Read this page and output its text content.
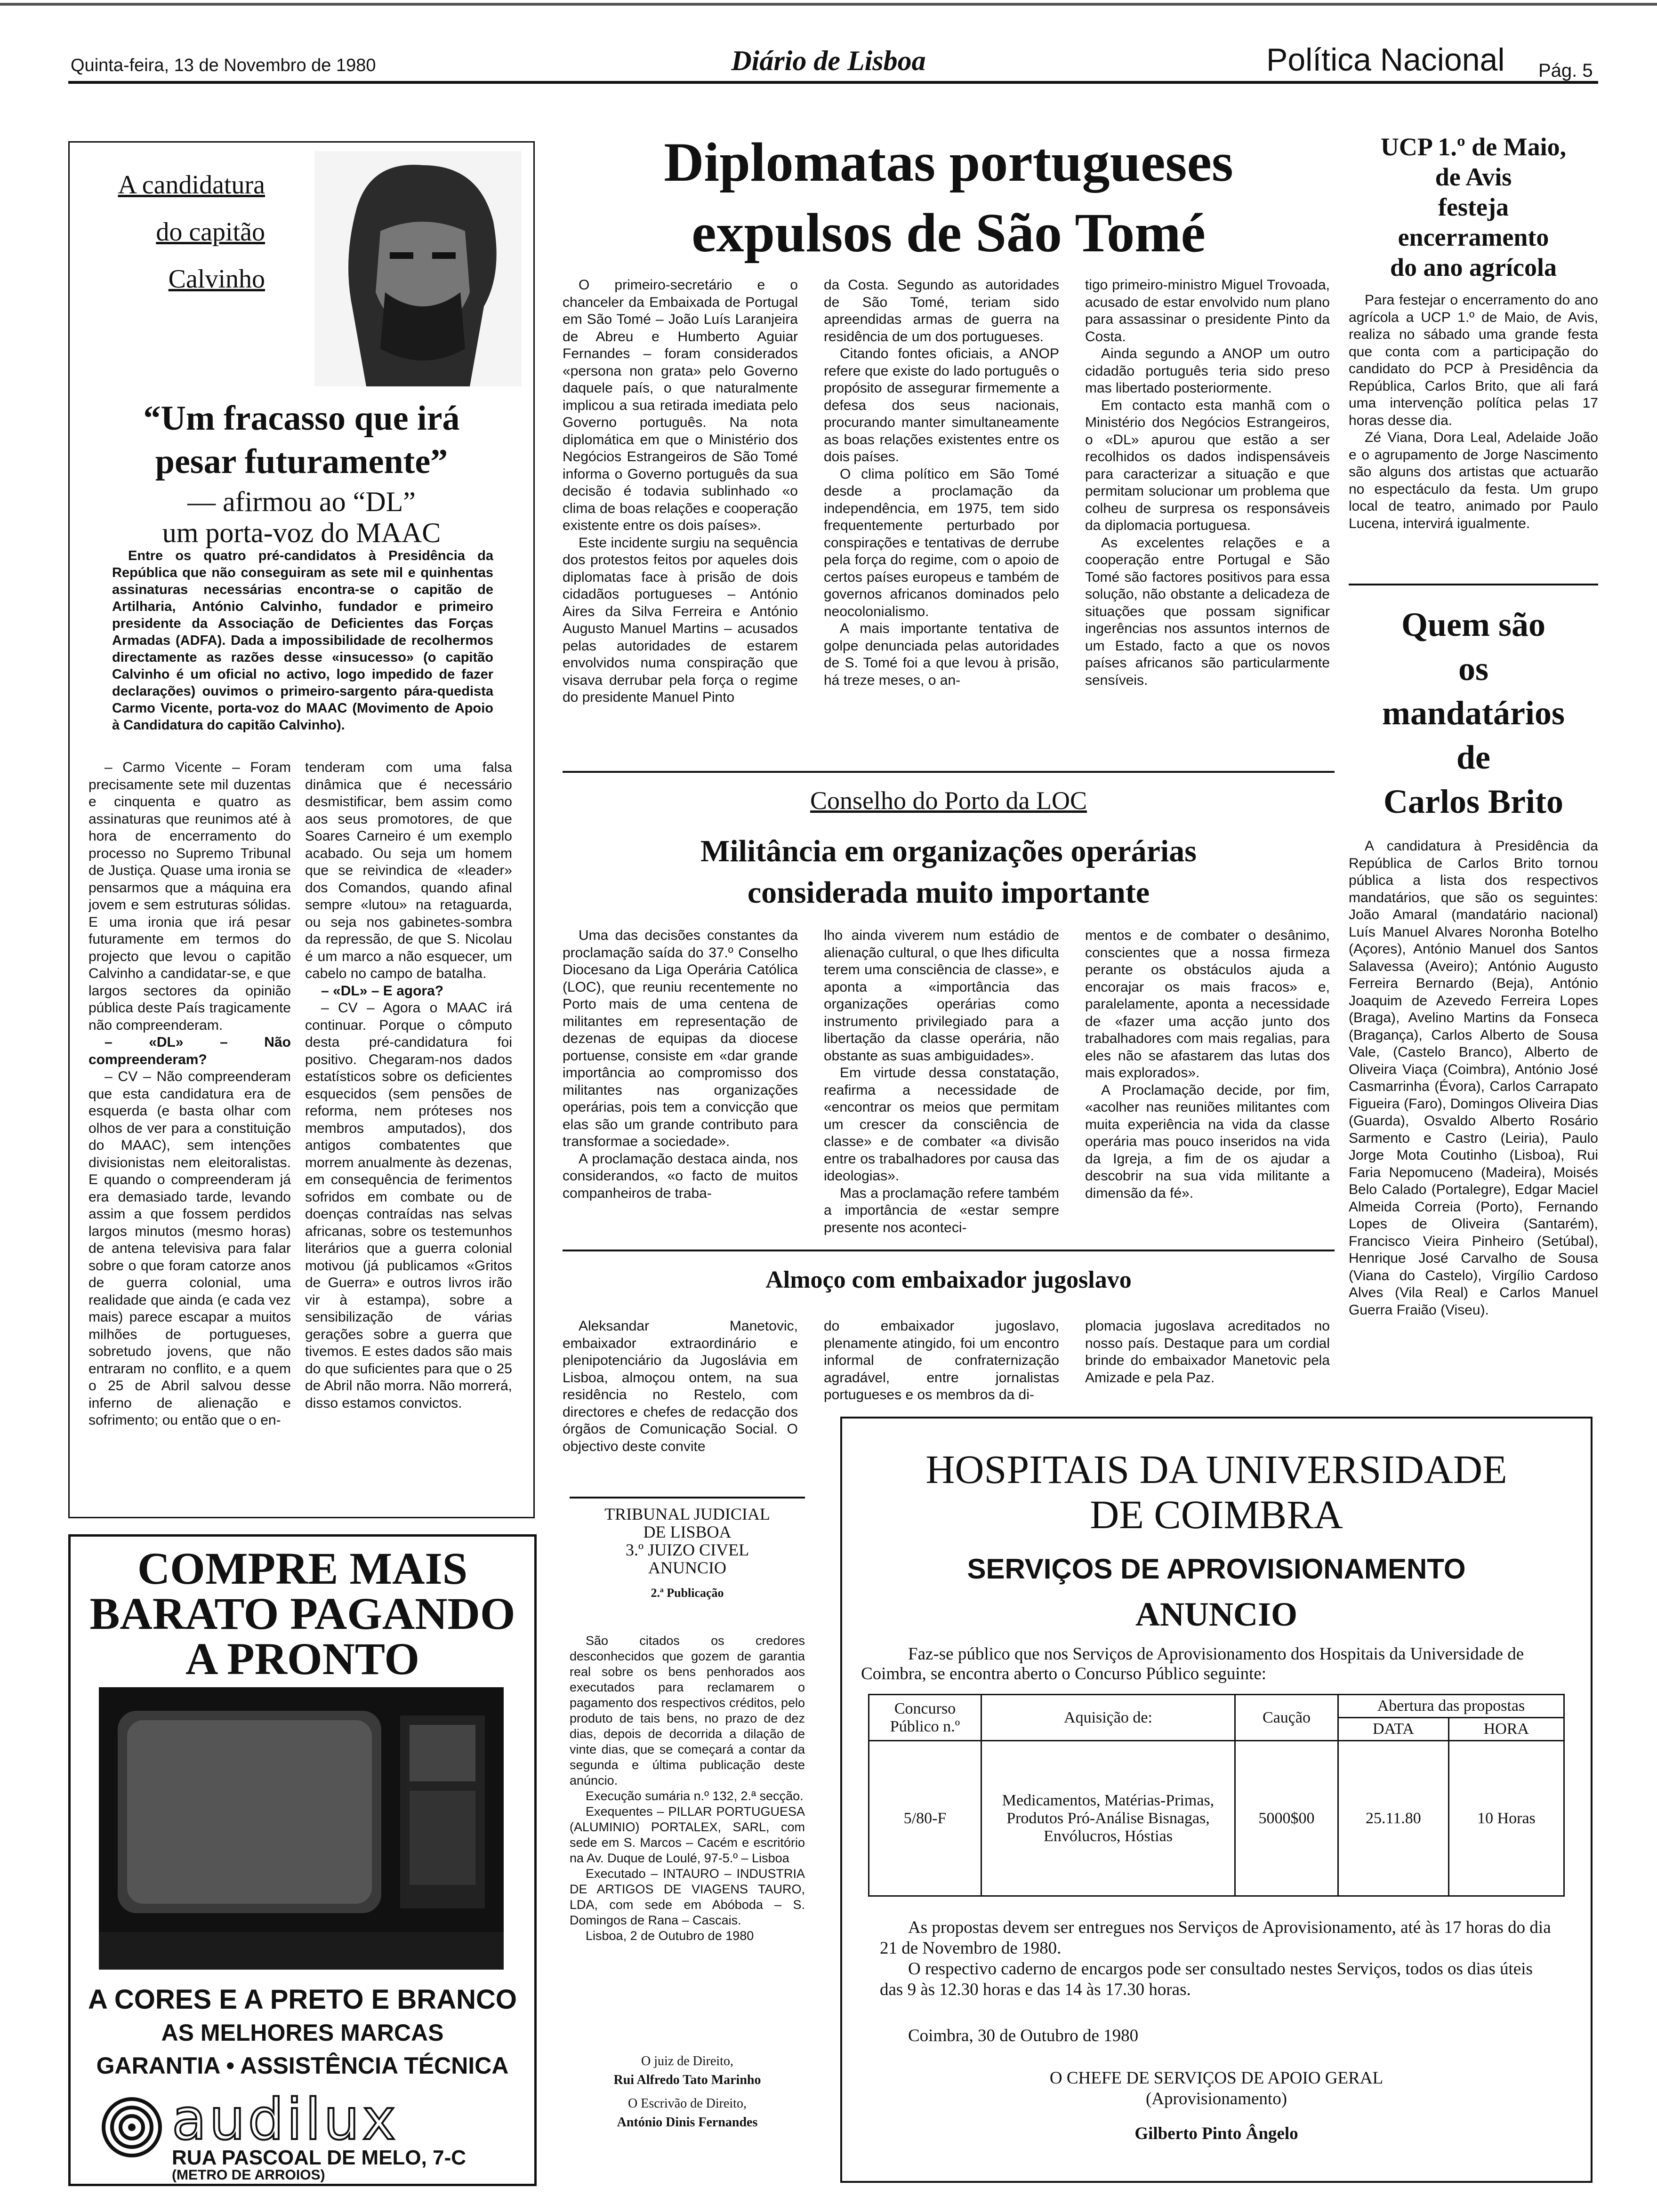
Quinta-feira, 13 de Novembro de 1980	Diário de Lisboa	Política Nacional Pág. 5
A candidatura
do capitão
Calvinho
“Um fracasso que irá
pesar futuramente”
— afirmou ao “DL”
um porta-voz do MAAC

Entre os quatro pré-candidatos à Presidência da República que não conseguiram as sete mil e quinhentas assinaturas necessárias encontra-se o capitão de Artilharia, António Calvinho, fundador e primeiro presidente da Associação de Deficientes das Forças Armadas (ADFA). Dada a impossibilidade de recolhermos directamente as razões desse «insucesso» (o capitão Calvinho é um oficial no activo, logo impedido de fazer declarações) ouvimos o primeiro-sargento pára-quedista Carmo Vicente, porta-voz do MAAC (Movimento de Apoio à Candidatura do capitão Calvinho).

– Carmo Vicente – Foram precisamente sete mil duzentas e cinquenta e quatro as assinaturas que reunimos até à hora de encerramento do processo no Supremo Tribunal de Justiça. Quase uma ironia se pensarmos que a máquina era jovem e sem estruturas sólidas. E uma ironia que irá pesar futuramente em termos do projecto que levou o capitão Calvinho a candidatar-se, e que largos sectores da opinião pública deste País tragicamente não compreenderam.

– «DL» – Não compreenderam?

– CV – Não compreenderam que esta candidatura era de esquerda (e basta olhar com olhos de ver para a constituição do MAAC), sem intenções divisionistas nem eleitoralistas. E quando o compreenderam já era demasiado tarde, levando assim a que fossem perdidos largos minutos (mesmo horas) de antena televisiva para falar sobre o que foram catorze anos de guerra colonial, uma realidade que ainda (e cada vez mais) parece escapar a muitos milhões de portugueses, sobretudo jovens, que não entraram no conflito, e a quem o 25 de Abril salvou desse inferno de alienação e sofrimento; ou então que o en-

tenderam com uma falsa dinâmica que é necessário desmistificar, bem assim como aos seus promotores, de que Soares Carneiro é um exemplo acabado. Ou seja um homem que se reivindica de «leader» dos Comandos, quando afinal sempre «lutou» na retaguarda, ou seja nos gabinetes-sombra da repressão, de que S. Nicolau é um marco a não esquecer, um cabelo no campo de batalha.

– «DL» – E agora?

– CV – Agora o MAAC irá continuar. Porque o cômputo desta pré-candidatura foi positivo. Chegaram-nos dados estatísticos sobre os deficientes esquecidos (sem pensões de reforma, nem próteses nos membros amputados), dos antigos combatentes que morrem anualmente às dezenas, em consequência de ferimentos sofridos em combate ou de doenças contraídas nas selvas africanas, sobre os testemunhos literários que a guerra colonial motivou (já publicamos «Gritos de Guerra» e outros livros irão vir à estampa), sobre a sensibilização de várias gerações sobre a guerra que tivemos. E estes dados são mais do que suficientes para que o 25 de Abril não morra. Não morrerá, disso estamos convictos.

Diplomatas portugueses
expulsos de São Tomé

O primeiro-secretário e o chanceler da Embaixada de Portugal em São Tomé – João Luís Laranjeira de Abreu e Humberto Aguiar Fernandes – foram considerados «persona non grata» pelo Governo daquele país, o que naturalmente implicou a sua retirada imediata pelo Governo português. Na nota diplomática em que o Ministério dos Negócios Estrangeiros de São Tomé informa o Governo português da sua decisão é todavia sublinhado «o clima de boas relações e cooperação existente entre os dois países».

Este incidente surgiu na sequência dos protestos feitos por aqueles dois diplomatas face à prisão de dois cidadãos portugueses – António Aires da Silva Ferreira e António Augusto Manuel Martins – acusados pelas autoridades de estarem envolvidos numa conspiração que visava derrubar pela força o regime do presidente Manuel Pinto

da Costa. Segundo as autoridades de São Tomé, teriam sido apreendidas armas de guerra na residência de um dos portugueses.

Citando fontes oficiais, a ANOP refere que existe do lado português o propósito de assegurar firmemente a defesa dos seus nacionais, procurando manter simultaneamente as boas relações existentes entre os dois países.

O clima político em São Tomé desde a proclamação da independência, em 1975, tem sido frequentemente perturbado por conspirações e tentativas de derrube pela força do regime, com o apoio de certos países europeus e também de governos africanos dominados pelo neocolonialismo.

A mais importante tentativa de golpe denunciada pelas autoridades de S. Tomé foi a que levou à prisão, há treze meses, o an-

tigo primeiro-ministro Miguel Trovoada, acusado de estar envolvido num plano para assassinar o presidente Pinto da Costa.

Ainda segundo a ANOP um outro cidadão português teria sido preso mas libertado posteriormente.

Em contacto esta manhã com o Ministério dos Negócios Estrangeiros, o «DL» apurou que estão a ser recolhidos os dados indispensáveis para caracterizar a situação e que permitam solucionar um problema que colheu de surpresa os responsáveis da diplomacia portuguesa.

As excelentes relações e a cooperação entre Portugal e São Tomé são factores positivos para essa solução, não obstante a delicadeza de situações que possam significar ingerências nos assuntos internos de um Estado, facto a que os novos países africanos são particularmente sensíveis.

Conselho do Porto da LOC
Militância em organizações operárias
considerada muito importante

Uma das decisões constantes da proclamação saída do 37.º Conselho Diocesano da Liga Operária Católica (LOC), que reuniu recentemente no Porto mais de uma centena de militantes em representação de dezenas de equipas da diocese portuense, consiste em «dar grande importância ao compromisso dos militantes nas organizações operárias, pois tem a convicção que elas são um grande contributo para transformae a sociedade».

A proclamação destaca ainda, nos considerandos, «o facto de muitos companheiros de traba-

lho ainda viverem num estádio de alienação cultural, o que lhes dificulta terem uma consciência de classe», e aponta a «importância das organizações operárias como instrumento privilegiado para a libertação da classe operária, não obstante as suas ambiguidades».

Em virtude dessa constatação, reafirma a necessidade de «encontrar os meios que permitam um crescer da consciência de classe» e de combater «a divisão entre os trabalhadores por causa das ideologias».

Mas a proclamação refere também a importância de «estar sempre presente nos aconteci-

mentos e de combater o desânimo, conscientes que a nossa firmeza perante os obstáculos ajuda a encorajar os mais fracos» e, paralelamente, aponta a necessidade de «fazer uma acção junto dos trabalhadores com mais regalias, para eles não se afastarem das lutas dos mais explorados».

A Proclamação decide, por fim, «acolher nas reuniões militantes com muita experiência na vida da classe operária mas pouco inseridos na vida da Igreja, a fim de os ajudar a descobrir na sua vida militante a dimensão da fé».

Almoço com embaixador jugoslavo

Aleksandar Manetovic, embaixador extraordinário e plenipotenciário da Jugoslávia em Lisboa, almoçou ontem, na sua residência no Restelo, com directores e chefes de redacção dos órgãos de Comunicação Social. O objectivo deste convite

do embaixador jugoslavo, plenamente atingido, foi um encontro informal de confraternização agradável, entre jornalistas portugueses e os membros da di-

plomacia jugoslava acreditados no nosso país. Destaque para um cordial brinde do embaixador Manetovic pela Amizade e pela Paz.

UCP 1.º de Maio,
de Avis
festeja
encerramento
do ano agrícola

Para festejar o encerramento do ano agrícola a UCP 1.º de Maio, de Avis, realiza no sábado uma grande festa que conta com a participação do candidato do PCP à Presidência da República, Carlos Brito, que ali fará uma intervenção política pelas 17 horas desse dia.

Zé Viana, Dora Leal, Adelaide João e o agrupamento de Jorge Nascimento são alguns dos artistas que actuarão no espectáculo da festa. Um grupo local de teatro, animado por Paulo Lucena, intervirá igualmente.

Quem são
os
mandatários
de
Carlos Brito

A candidatura à Presidência da República de Carlos Brito tornou pública a lista dos respectivos mandatários, que são os seguintes: João Amaral (mandatário nacional) Luís Manuel Alvares Noronha Botelho (Açores), António Manuel dos Santos Salavessa (Aveiro); António Augusto Ferreira Bernardo (Beja), António Joaquim de Azevedo Ferreira Lopes (Braga), Avelino Martins da Fonseca (Bragança), Carlos Alberto de Sousa Vale, (Castelo Branco), Alberto de Oliveira Viaça (Coimbra), António José Casmarrinha (Évora), Carlos Carrapato Figueira (Faro), Domingos Oliveira Dias (Guarda), Osvaldo Alberto Rosário Sarmento e Castro (Leiria), Paulo Jorge Mota Coutinho (Lisboa), Rui Faria Nepomuceno (Madeira), Moisés Belo Calado (Portalegre), Edgar Maciel Almeida Correia (Porto), Fernando Lopes de Oliveira (Santarém), Francisco Vieira Pinheiro (Setúbal), Henrique José Carvalho de Sousa (Viana do Castelo), Virgílio Cardoso Alves (Vila Real) e Carlos Manuel Guerra Fraião (Viseu).

COMPRE MAIS
BARATO PAGANDO
A PRONTO
A CORES E A PRETO E BRANCO
AS MELHORES MARCAS
GARANTIA • ASSISTÊNCIA TÉCNICA
audilux
RUA PASCOAL DE MELO, 7-C
(METRO DE ARROIOS)
TRIBUNAL JUDICIAL
DE LISBOA
3.º JUIZO CIVEL
ANUNCIO
2.ª Publicação

São citados os credores desconhecidos que gozem de garantia real sobre os bens penhorados aos executados para reclamarem o pagamento dos respectivos créditos, pelo produto de tais bens, no prazo de dez dias, depois de decorrida a dilação de vinte dias, que se começará a contar da segunda e última publicação deste anúncio.

Execução sumária n.º 132, 2.ª secção.

Exequentes – PILLAR PORTUGUESA (ALUMINIO) PORTALEX, SARL, com sede em S. Marcos – Cacém e escritório na Av. Duque de Loulé, 97-5.º – Lisboa

Executado – INTAURO – INDUSTRIA DE ARTIGOS DE VIAGENS TAURO, LDA, com sede em Abóboda – S. Domingos de Rana – Cascais.

Lisboa, 2 de Outubro de 1980

O juiz de Direito,
Rui Alfredo Tato Marinho
O Escrivão de Direito,
António Dinis Fernandes
HOSPITAIS DA UNIVERSIDADE
DE COIMBRA
SERVIÇOS DE APROVISIONAMENTO
ANUNCIO
Faz-se público que nos Serviços de Aprovisionamento dos Hospitais da Universidade de Coimbra, se encontra aberto o Concurso Público seguinte:
Concurso Público n.º	Aquisição de:	Caução	Abertura das propostas	
			DATA	HORA
5/80-F	Medicamentos, Matérias-Primas, Produtos Pró-Análise Bisnagas, Envólucros, Hóstias	5000$00	25.11.80	10 Horas

As propostas devem ser entregues nos Serviços de Aprovisionamento, até às 17 horas do dia 21 de Novembro de 1980.

O respectivo caderno de encargos pode ser consultado nestes Serviços, todos os dias úteis das 9 às 12.30 horas e das 14 às 17.30 horas.

Coimbra, 30 de Outubro de 1980
O CHEFE DE SERVIÇOS DE APOIO GERAL
(Aprovisionamento)
Gilberto Pinto Ângelo
